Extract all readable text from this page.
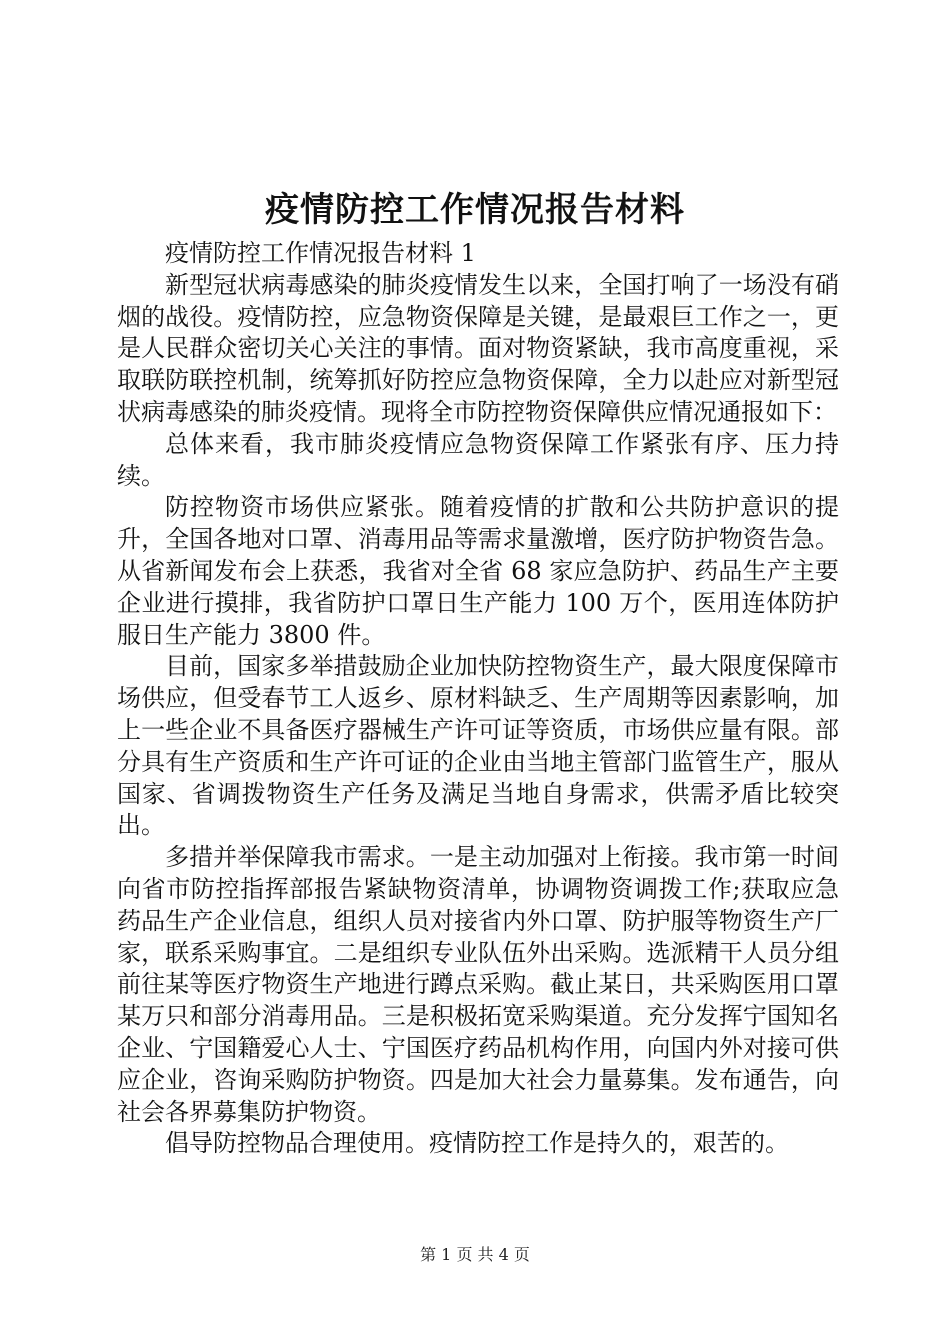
疫情防控工作情况报告材料

疫情防控工作情况报告材料 1

新型冠状病毒感染的肺炎疫情发生以来，全国打响了一场没有硝烟的战役。疫情防控，应急物资保障是关键，是最艰巨工作之一，更是人民群众密切关心关注的事情。面对物资紧缺，我市高度重视，采取联防联控机制，统筹抓好防控应急物资保障，全力以赴应对新型冠状病毒感染的肺炎疫情。现将全市防控物资保障供应情况通报如下：

总体来看，我市肺炎疫情应急物资保障工作紧张有序、压力持续。

防控物资市场供应紧张。随着疫情的扩散和公共防护意识的提升，全国各地对口罩、消毒用品等需求量激增，医疗防护物资告急。从省新闻发布会上获悉，我省对全省 68 家应急防护、药品生产主要企业进行摸排，我省防护口罩日生产能力 100 万个，医用连体防护服日生产能力 3800 件。

目前，国家多举措鼓励企业加快防控物资生产，最大限度保障市场供应，但受春节工人返乡、原材料缺乏、生产周期等因素影响，加上一些企业不具备医疗器械生产许可证等资质，市场供应量有限。部分具有生产资质和生产许可证的企业由当地主管部门监管生产，服从国家、省调拨物资生产任务及满足当地自身需求，供需矛盾比较突出。

多措并举保障我市需求。一是主动加强对上衔接。我市第一时间向省市防控指挥部报告紧缺物资清单，协调物资调拨工作;获取应急药品生产企业信息，组织人员对接省内外口罩、防护服等物资生产厂家，联系采购事宜。二是组织专业队伍外出采购。选派精干人员分组前往某等医疗物资生产地进行蹲点采购。截止某日，共采购医用口罩某万只和部分消毒用品。三是积极拓宽采购渠道。充分发挥宁国知名企业、宁国籍爱心人士、宁国医疗药品机构作用，向国内外对接可供应企业，咨询采购防护物资。四是加大社会力量募集。发布通告，向社会各界募集防护物资。

倡导防控物品合理使用。疫情防控工作是持久的，艰苦的。

第 1 页 共 4 页
